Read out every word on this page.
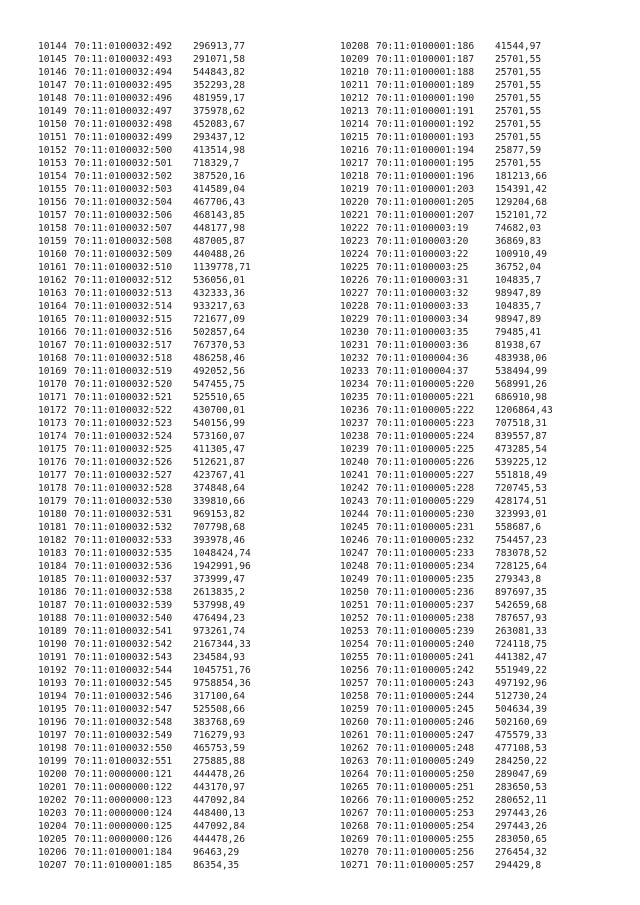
10144 70:11:0100032:492 296913,77
10145 70:11:0100032:493 291071,58
10146 70:11:0100032:494 544843,82
10147 70:11:0100032:495 352293,28
10148 70:11:0100032:496 481959,17
10149 70:11:0100032:497 375978,62
10150 70:11:0100032:498 452083,67
10151 70:11:0100032:499 293437,12
10152 70:11:0100032:500 413514,98
10153 70:11:0100032:501 718329,7
10154 70:11:0100032:502 387520,16
10155 70:11:0100032:503 414589,04
10156 70:11:0100032:504 467706,43
10157 70:11:0100032:506 468143,85
10158 70:11:0100032:507 448177,98
10159 70:11:0100032:508 487005,87
10160 70:11:0100032:509 440488,26
10161 70:11:0100032:510 1139778,71
10162 70:11:0100032:512 536056,01
10163 70:11:0100032:513 432333,36
10164 70:11:0100032:514 933217,63
10165 70:11:0100032:515 721677,09
10166 70:11:0100032:516 502857,64
10167 70:11:0100032:517 767370,53
10168 70:11:0100032:518 486258,46
10169 70:11:0100032:519 492052,56
10170 70:11:0100032:520 547455,75
10171 70:11:0100032:521 525510,65
10172 70:11:0100032:522 430700,01
10173 70:11:0100032:523 540156,99
10174 70:11:0100032:524 573160,07
10175 70:11:0100032:525 411305,47
10176 70:11:0100032:526 512621,87
10177 70:11:0100032:527 423767,41
10178 70:11:0100032:528 374848,64
10179 70:11:0100032:530 339810,66
10180 70:11:0100032:531 969153,82
10181 70:11:0100032:532 707798,68
10182 70:11:0100032:533 393978,46
10183 70:11:0100032:535 1048424,74
10184 70:11:0100032:536 1942991,96
10185 70:11:0100032:537 373999,47
10186 70:11:0100032:538 2613835,2
10187 70:11:0100032:539 537998,49
10188 70:11:0100032:540 476494,23
10189 70:11:0100032:541 973261,74
10190 70:11:0100032:542 2167344,33
10191 70:11:0100032:543 234584,93
10192 70:11:0100032:544 1045751,76
10193 70:11:0100032:545 9758854,36
10194 70:11:0100032:546 317100,64
10195 70:11:0100032:547 525508,66
10196 70:11:0100032:548 383768,69
10197 70:11:0100032:549 716279,93
10198 70:11:0100032:550 465753,59
10199 70:11:0100032:551 275885,88
10200 70:11:0000000:121 444478,26
10201 70:11:0000000:122 443170,97
10202 70:11:0000000:123 447092,84
10203 70:11:0000000:124 448400,13
10204 70:11:0000000:125 447092,84
10205 70:11:0000000:126 444478,26
10206 70:11:0100001:184 96463,29
10207 70:11:0100001:185 86354,35
10208 70:11:0100001:186 41544,97
10209 70:11:0100001:187 25701,55
10210 70:11:0100001:188 25701,55
10211 70:11:0100001:189 25701,55
10212 70:11:0100001:190 25701,55
10213 70:11:0100001:191 25701,55
10214 70:11:0100001:192 25701,55
10215 70:11:0100001:193 25701,55
10216 70:11:0100001:194 25877,59
10217 70:11:0100001:195 25701,55
10218 70:11:0100001:196 181213,66
10219 70:11:0100001:203 154391,42
10220 70:11:0100001:205 129204,68
10221 70:11:0100001:207 152101,72
10222 70:11:0100003:19	74682,03
10223 70:11:0100003:20	36869,83
10224 70:11:0100003:22	100910,49
10225 70:11:0100003:25	36752,04
10226 70:11:0100003:31	104835,7
10227 70:11:0100003:32	98947,89
10228 70:11:0100003:33	104835,7
10229 70:11:0100003:34	98947,89
10230 70:11:0100003:35	79485,41
10231 70:11:0100003:36	81938,67
10232 70:11:0100004:36	483938,06
10233 70:11:0100004:37	538494,99
10234 70:11:0100005:220 568991,26
10235 70:11:0100005:221 686910,98
10236 70:11:0100005:222 1206864,43
10237 70:11:0100005:223 707518,31
10238 70:11:0100005:224 839557,87
10239 70:11:0100005:225 473285,54
10240 70:11:0100005:226 539225,12
10241 70:11:0100005:227 551818,49
10242 70:11:0100005:228 720745,53
10243 70:11:0100005:229 428174,51
10244 70:11:0100005:230 323993,01
10245 70:11:0100005:231 558687,6
10246 70:11:0100005:232 754457,23
10247 70:11:0100005:233 783078,52
10248 70:11:0100005:234 728125,64
10249 70:11:0100005:235 279343,8
10250 70:11:0100005:236 897697,35
10251 70:11:0100005:237 542659,68
10252 70:11:0100005:238 787657,93
10253 70:11:0100005:239 263081,33
10254 70:11:0100005:240 724118,75
10255 70:11:0100005:241 441382,47
10256 70:11:0100005:242 551949,22
10257 70:11:0100005:243 497192,96
10258 70:11:0100005:244 512730,24
10259 70:11:0100005:245 504634,39
10260 70:11:0100005:246 502160,69
10261 70:11:0100005:247 475579,33
10262 70:11:0100005:248 477108,53
10263 70:11:0100005:249 284250,22
10264 70:11:0100005:250 289047,69
10265 70:11:0100005:251 283650,53
10266 70:11:0100005:252 280652,11
10267 70:11:0100005:253 297443,26
10268 70:11:0100005:254 297443,26
10269 70:11:0100005:255 283050,65
10270 70:11:0100005:256 276454,32
10271 70:11:0100005:257 294429,8
